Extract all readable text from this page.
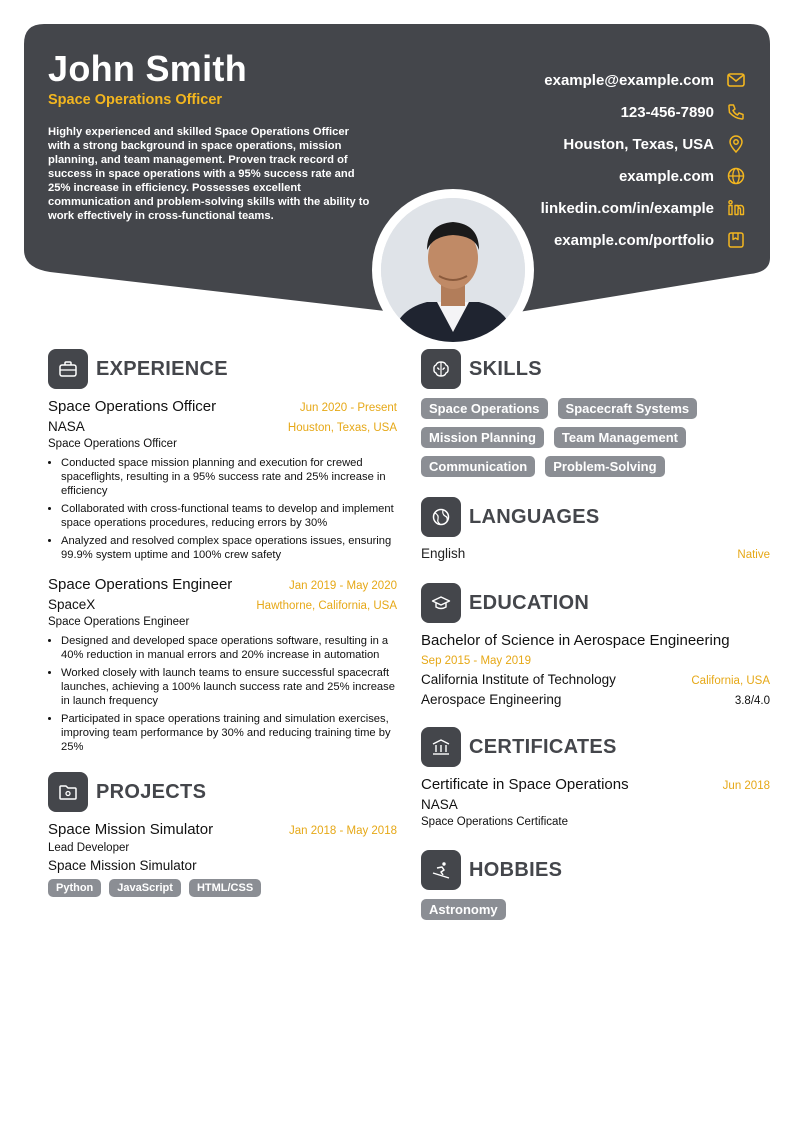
John Smith
Space Operations Officer
Highly experienced and skilled Space Operations Officer with a strong background in space operations, mission planning, and team management. Proven track record of success in space operations with a 95% success rate and 25% increase in efficiency. Possesses excellent communication and problem-solving skills with the ability to work effectively in cross-functional teams.
example@example.com
123-456-7890
Houston, Texas, USA
example.com
linkedin.com/in/example
example.com/portfolio
EXPERIENCE
Space Operations Officer	Jun 2020 - Present
NASA	Houston, Texas, USA
Space Operations Officer
• Conducted space mission planning and execution for crewed spaceflights, resulting in a 95% success rate and 25% increase in efficiency
• Collaborated with cross-functional teams to develop and implement space operations procedures, reducing errors by 30%
• Analyzed and resolved complex space operations issues, ensuring 99.9% system uptime and 100% crew safety
Space Operations Engineer	Jan 2019 - May 2020
SpaceX	Hawthorne, California, USA
Space Operations Engineer
• Designed and developed space operations software, resulting in a 40% reduction in manual errors and 20% increase in automation
• Worked closely with launch teams to ensure successful spacecraft launches, achieving a 100% launch success rate and 25% increase in launch frequency
• Participated in space operations training and simulation exercises, improving team performance by 30% and reducing training time by 25%
PROJECTS
Space Mission Simulator	Jan 2018 - May 2018
Lead Developer
Space Mission Simulator
Python	JavaScript	HTML/CSS
SKILLS
Space Operations	Spacecraft Systems
Mission Planning	Team Management
Communication	Problem-Solving
LANGUAGES
English	Native
EDUCATION
Bachelor of Science in Aerospace Engineering
Sep 2015 - May 2019
California Institute of Technology	California, USA
Aerospace Engineering	3.8/4.0
CERTIFICATES
Certificate in Space Operations	Jun 2018
NASA
Space Operations Certificate
HOBBIES
Astronomy
